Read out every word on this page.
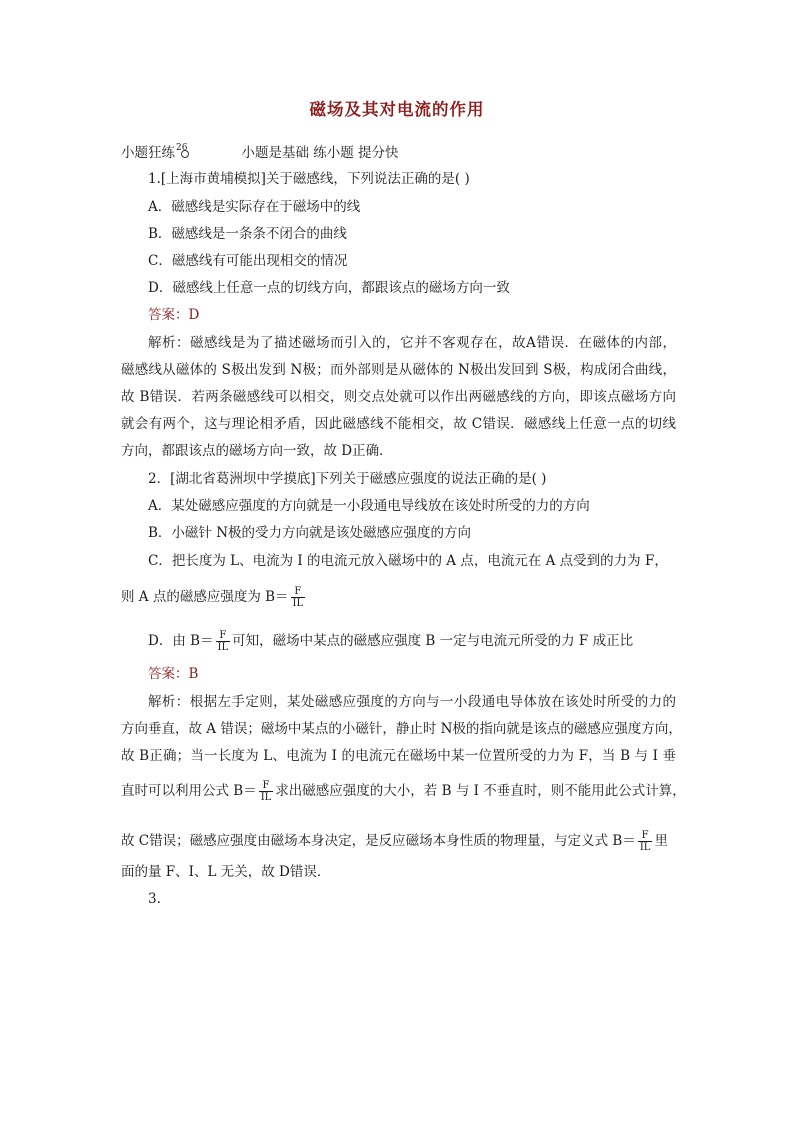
磁场及其对电流的作用
小题狂练$^{26}$	小题是基础 练小题 提分快
1.[上海市黄埔模拟]关于磁感线，下列说法正确的是( )
A．磁感线是实际存在于磁场中的线
B．磁感线是一条条不闭合的曲线
C．磁感线有可能出现相交的情况
D．磁感线上任意一点的切线方向，都跟该点的磁场方向一致
答案：D
解析：磁感线是为了描述磁场而引入的，它并不客观存在，故A错误．在磁体的内部，
磁感线从磁体的 S极出发到 N极；而外部则是从磁体的 N极出发回到 S极，构成闭合曲线，
故 B错误．若两条磁感线可以相交，则交点处就可以作出两磁感线的方向，即该点磁场方向
就会有两个，这与理论相矛盾，因此磁感线不能相交，故 C错误．磁感线上任意一点的切线
方向，都跟该点的磁场方向一致，故 D正确．
2．[湖北省葛洲坝中学摸底]下列关于磁感应强度的说法正确的是( )
A．某处磁感应强度的方向就是一小段通电导线放在该处时所受的力的方向
B．小磁针 N极的受力方向就是该处磁感应强度的方向
C．把长度为 L、电流为 I 的电流元放入磁场中的 A 点，电流元在 A 点受到的力为 F，
则 A 点的磁感应强度为 $B= \frac{F}{IL}$
D．由 $B= \frac{F}{IL}$ 可知，磁场中某点的磁感应强度 B 一定与电流元所受的力 F 成正比
答案：B
解析：根据左手定则，某处磁感应强度的方向与一小段通电导体放在该处时所受的力的
方向垂直，故 A 错误；磁场中某点的小磁针，静止时 N极的指向就是该点的磁感应强度方向，
故 B正确；当一长度为 L、电流为 I 的电流元在磁场中某一位置所受的力为 F，当 B 与 I 垂
直时可以利用公式 $B= \frac{F}{IL}$ 求出磁感应强度的大小，若 B 与 I 不垂直时，则不能用此公式计算，
故 C错误；磁感应强度由磁场本身决定，是反应磁场本身性质的物理量，与定义式 $B= \frac{F}{IL}$ 里
面的量 F、I、L 无关，故 D错误．
3.
